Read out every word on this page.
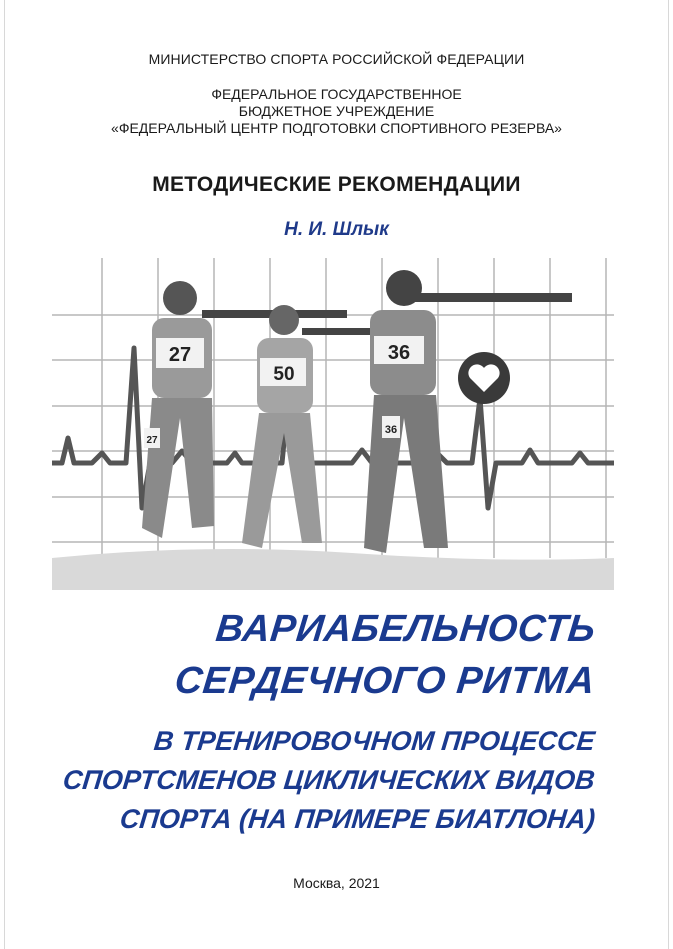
МИНИСТЕРСТВО СПОРТА РОССИЙСКОЙ ФЕДЕРАЦИИ
ФЕДЕРАЛЬНОЕ ГОСУДАРСТВЕННОЕ
БЮДЖЕТНОЕ УЧРЕЖДЕНИЕ
«ФЕДЕРАЛЬНЫЙ ЦЕНТР ПОДГОТОВКИ СПОРТИВНОГО РЕЗЕРВА»
МЕТОДИЧЕСКИЕ РЕКОМЕНДАЦИИ
Н. И. Шлык
27
50
36
36
27
ВАРИАБЕЛЬНОСТЬ
СЕРДЕЧНОГО РИТМА
В ТРЕНИРОВОЧНОМ ПРОЦЕССЕ
СПОРТСМЕНОВ ЦИКЛИЧЕСКИХ ВИДОВ
СПОРТА (НА ПРИМЕРЕ БИАТЛОНА)
Москва, 2021
